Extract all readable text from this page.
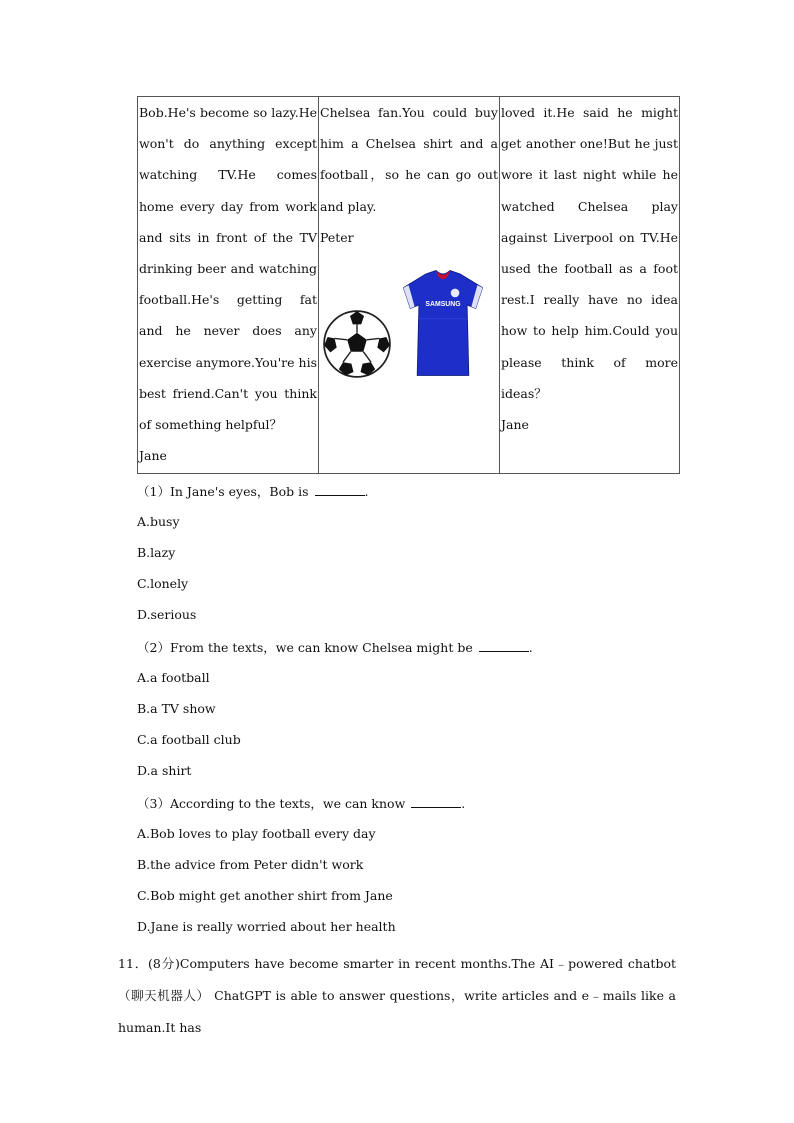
Bob.He's become so lazy.He won't do anything except watching TV.He comes home every day from work and sits in front of the TV drinking beer and watching football.He's getting fat and he never does any exercise anymore.You're his best friend.Can't you think of something helpful？
Jane

Chelsea fan.You could buy him a Chelsea shirt and a football，so he can go out and play.
Peter
SAMSUNG

loved it.He said he might get another one!But he just wore it last night while he watched Chelsea play against Liverpool on TV.He used the football as a foot rest.I really have no idea how to help him.Could you please think of more ideas？
Jane
（1）In Jane's eyes，Bob is	.
A.busy
B.lazy
C.lonely
D.serious
（2）From the texts，we can know Chelsea might be	.
A.a football
B.a TV show
C.a football club
D.a shirt
（3）According to the texts，we can know	.
A.Bob loves to play football every day
B.the advice from Peter didn't work
C.Bob might get another shirt from Jane
D.Jane is really worried about her health
11．(8分)Computers have become smarter in recent months.The AI﹣powered chatbot（聊天机器人） ChatGPT is able to answer questions，write articles and e﹣mails like a human.It has
